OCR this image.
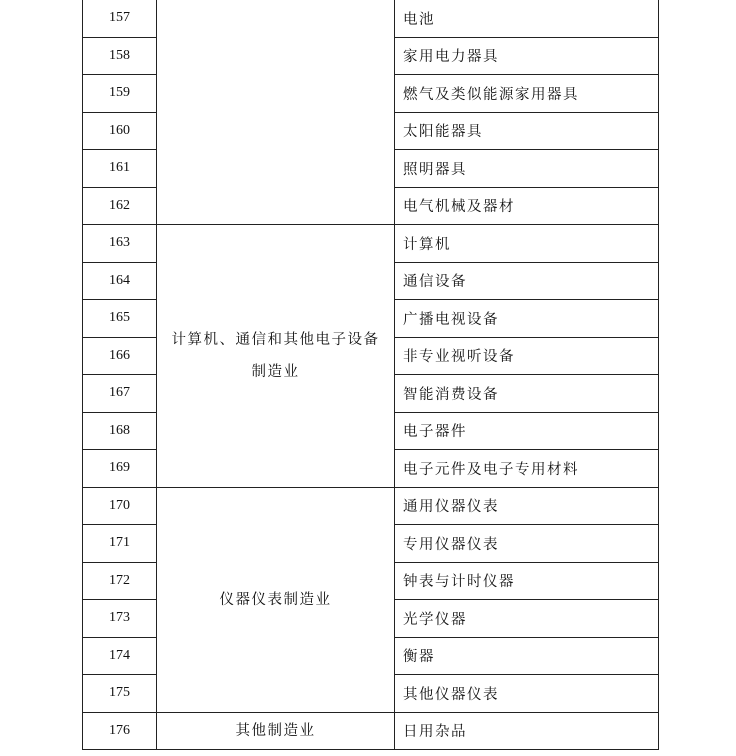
157		电池
158		家用电力器具
159		燃气及类似能源家用器具
160		太阳能器具
161		照明器具
162		电气机械及器材
163	计算机、通信和其他电子设备制造业	计算机
164		通信设备
165		广播电视设备
166		非专业视听设备
167		智能消费设备
168		电子器件
169		电子元件及电子专用材料
170	仪器仪表制造业	通用仪器仪表
171		专用仪器仪表
172		钟表与计时仪器
173		光学仪器
174		衡器
175		其他仪器仪表
176	其他制造业	日用杂品
